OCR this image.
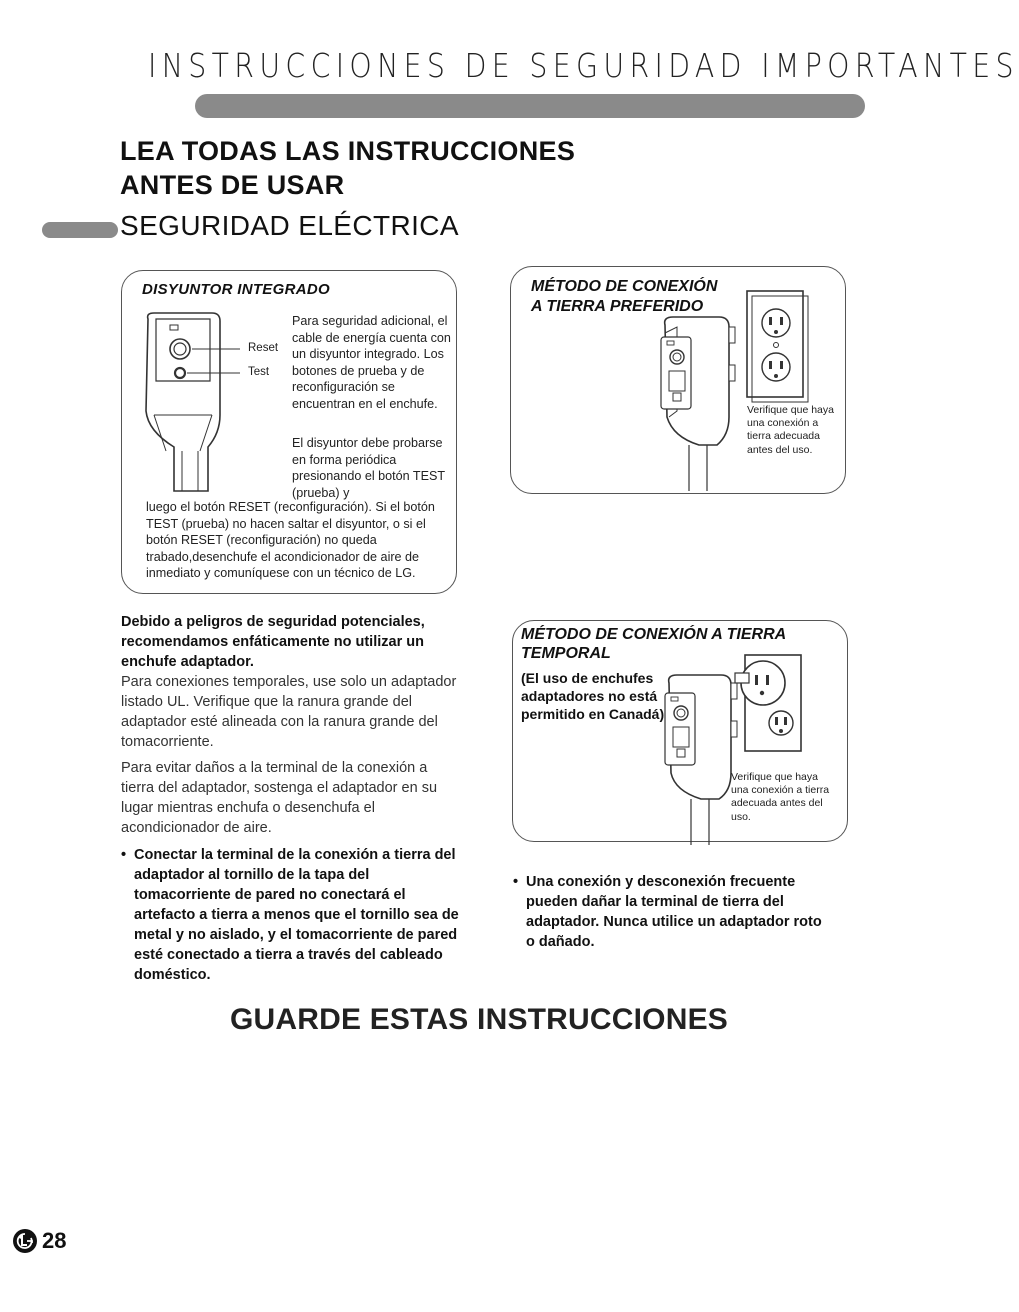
INSTRUCCIONES DE SEGURIDAD IMPORTANTES
LEA TODAS LAS INSTRUCCIONES
ANTES DE USAR
SEGURIDAD ELÉCTRICA
DISYUNTOR INTEGRADO
Reset
Test
Para seguridad adicional, el cable de energía cuenta con un disyuntor integrado. Los botones de prueba y de reconfiguración se encuentran en el enchufe.
El disyuntor debe probarse en forma periódica presionando el botón TEST (prueba) y
luego el botón RESET (reconfiguración). Si el botón TEST (prueba) no hacen saltar el disyuntor, o si el botón RESET (reconfiguración) no queda trabado,desenchufe el acondicionador de aire de inmediato y comuníquese con un técnico de LG.
MÉTODO DE CONEXIÓN
A TIERRA PREFERIDO
Verifique que haya una conexión a tierra adecuada antes del uso.
MÉTODO DE CONEXIÓN A TIERRA
TEMPORAL
(El uso de enchufes adaptadores no está permitido en Canadá)
Verifique que haya una conexión a tierra adecuada antes del uso.
Debido a peligros de seguridad potenciales, recomendamos enfáticamente no utilizar un enchufe adaptador.
Para conexiones temporales, use solo un adaptador listado UL. Verifique que la ranura grande del adaptador esté alineada con la ranura grande del tomacorriente.
Para evitar daños a la terminal de la conexión a tierra del adaptador, sostenga el adaptador en su lugar mientras enchufa o desenchufa el acondicionador de aire.
• Conectar la terminal de la conexión a tierra del adaptador al tornillo de la tapa del tomacorriente de pared no conectará el artefacto a tierra a menos que el tornillo sea de metal y no aislado, y el tomacorriente de pared esté conectado a tierra a través del cableado doméstico.
• Una conexión y desconexión frecuente pueden dañar la terminal de tierra del adaptador. Nunca utilice un adaptador roto o dañado.
GUARDE ESTAS INSTRUCCIONES
28
